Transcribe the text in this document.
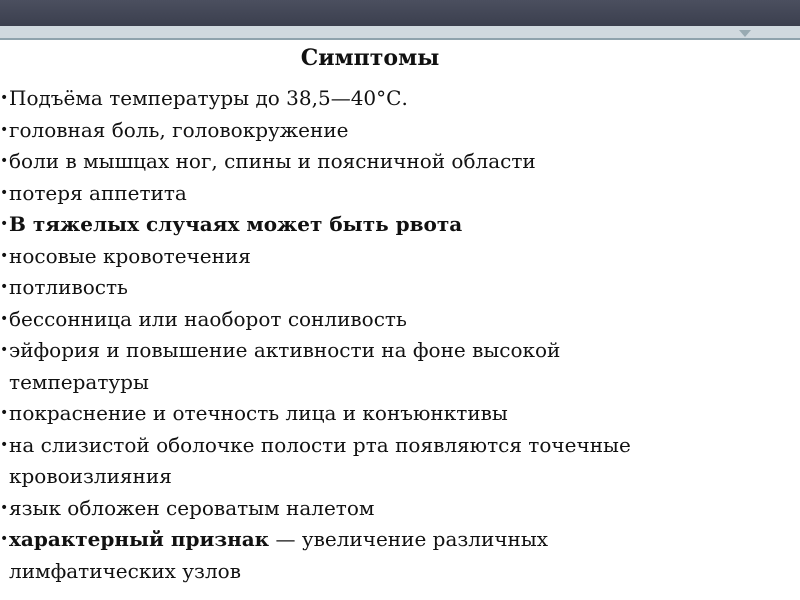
Симптомы
• Подъёма температуры до 38,5—40°С.
• головная боль, головокружение
• боли в мышцах ног, спины и поясничной области
• потеря аппетита
• В тяжелых случаях может быть рвота
• носовые кровотечения
• потливость
• бессонница или наоборот сонливость
• эйфория и повышение активности на фоне высокой
температуры
• покраснение и отечность лица и конъюнктивы
• на слизистой оболочке полости рта появляются точечные
кровоизлияния
• язык обложен сероватым налетом
• характерный признак — увеличение различных
лимфатических узлов
